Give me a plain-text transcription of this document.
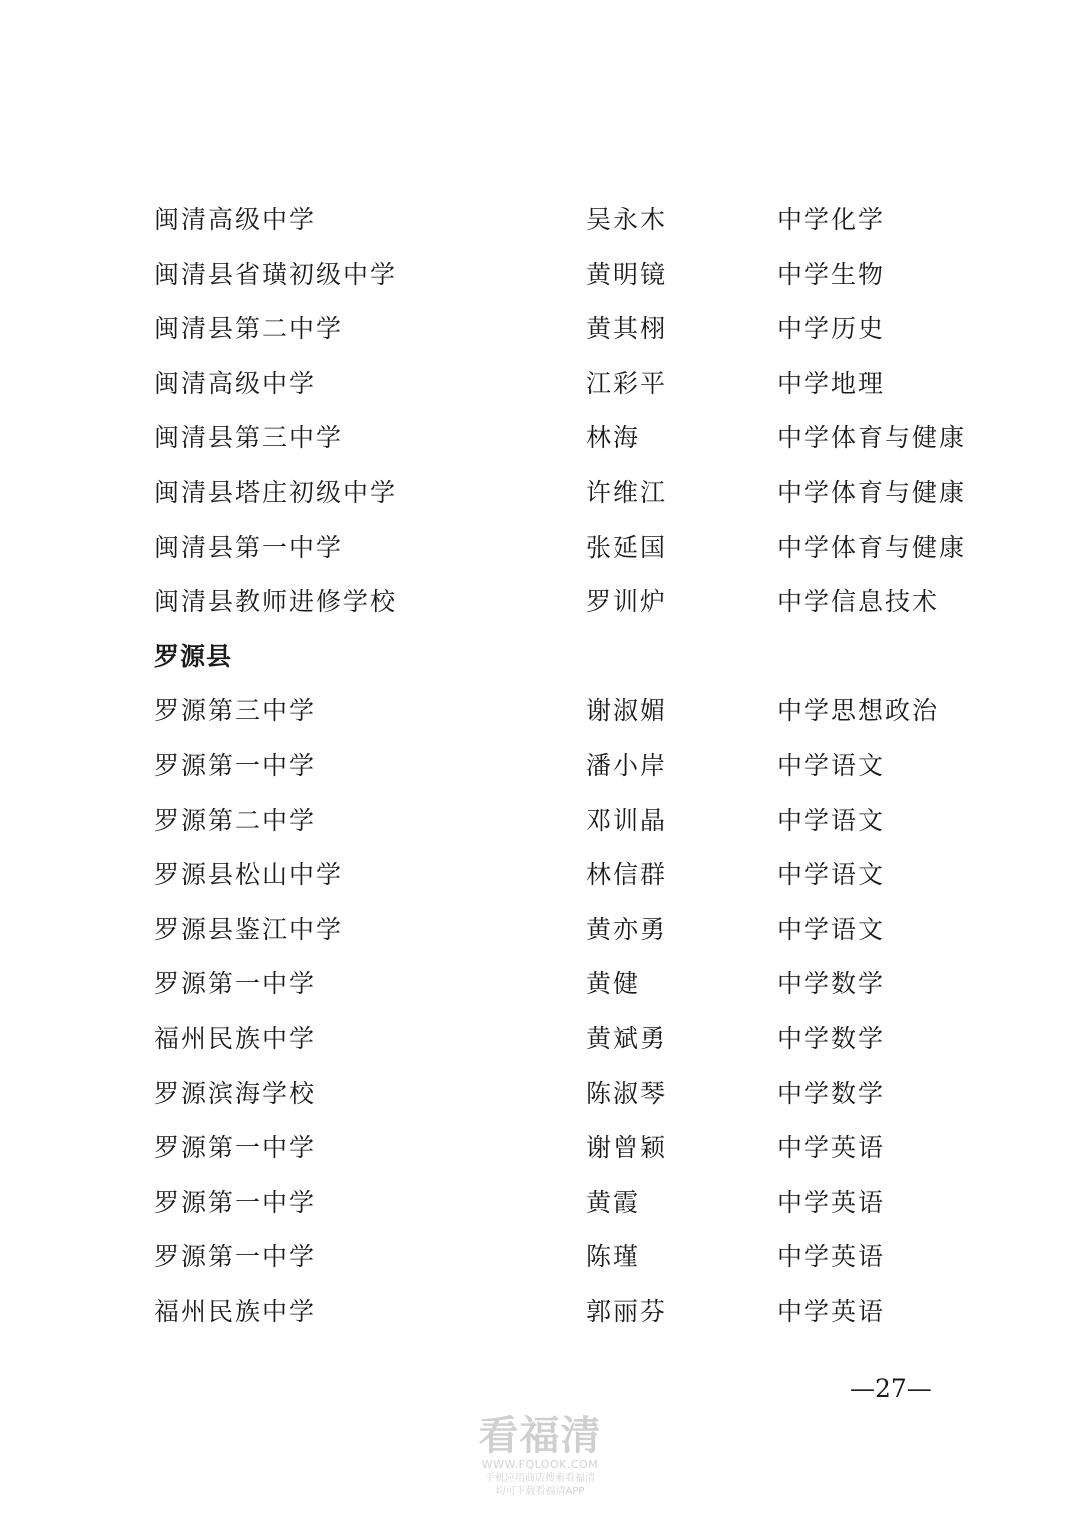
闽清高级中学	吴永木	中学化学
闽清县省璜初级中学	黄明镜	中学生物
闽清县第二中学	黄其栩	中学历史
闽清高级中学	江彩平	中学地理
闽清县第三中学	林海	中学体育与健康
闽清县塔庄初级中学	许维江	中学体育与健康
闽清县第一中学	张延国	中学体育与健康
闽清县教师进修学校	罗训炉	中学信息技术
罗源县
罗源第三中学	谢淑媚	中学思想政治
罗源第一中学	潘小岸	中学语文
罗源第二中学	邓训晶	中学语文
罗源县松山中学	林信群	中学语文
罗源县鉴江中学	黄亦勇	中学语文
罗源第一中学	黄健	中学数学
福州民族中学	黄斌勇	中学数学
罗源滨海学校	陈淑琴	中学数学
罗源第一中学	谢曾颖	中学英语
罗源第一中学	黄霞	中学英语
罗源第一中学	陈瑾	中学英语
福州民族中学	郭丽芬	中学英语
—27—
看福清
WWW.FQLOOK.COM
手机应用商店搜索看福清
均可下载看福清APP
